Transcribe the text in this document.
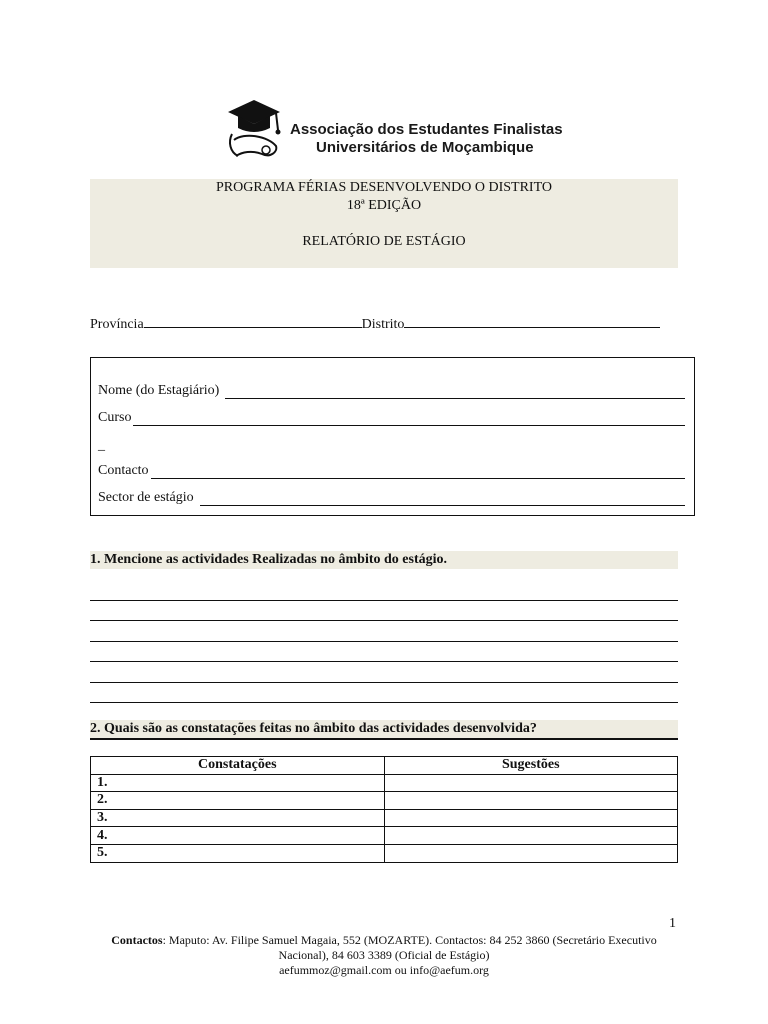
Associação dos Estudantes Finalistas
Universitários de Moçambique
PROGRAMA FÉRIAS DESENVOLVENDO O DISTRITO
18ª EDIÇÃO
RELATÓRIO DE ESTÁGIO
Província	Distrito
Nome (do Estagiário)
Curso
_
Contacto
Sector de estágio
1. Mencione as actividades Realizadas no âmbito do estágio.
2. Quais são as constatações feitas no âmbito das actividades desenvolvida?
Constatações	Sugestões
1.	
2.	
3.	
4.	
5.	
1
Contactos: Maputo: Av. Filipe Samuel Magaia, 552 (MOZARTE). Contactos: 84 252 3860 (Secretário Executivo Nacional), 84 603 3389 (Oficial de Estágio)
aefummoz@gmail.com ou info@aefum.org
